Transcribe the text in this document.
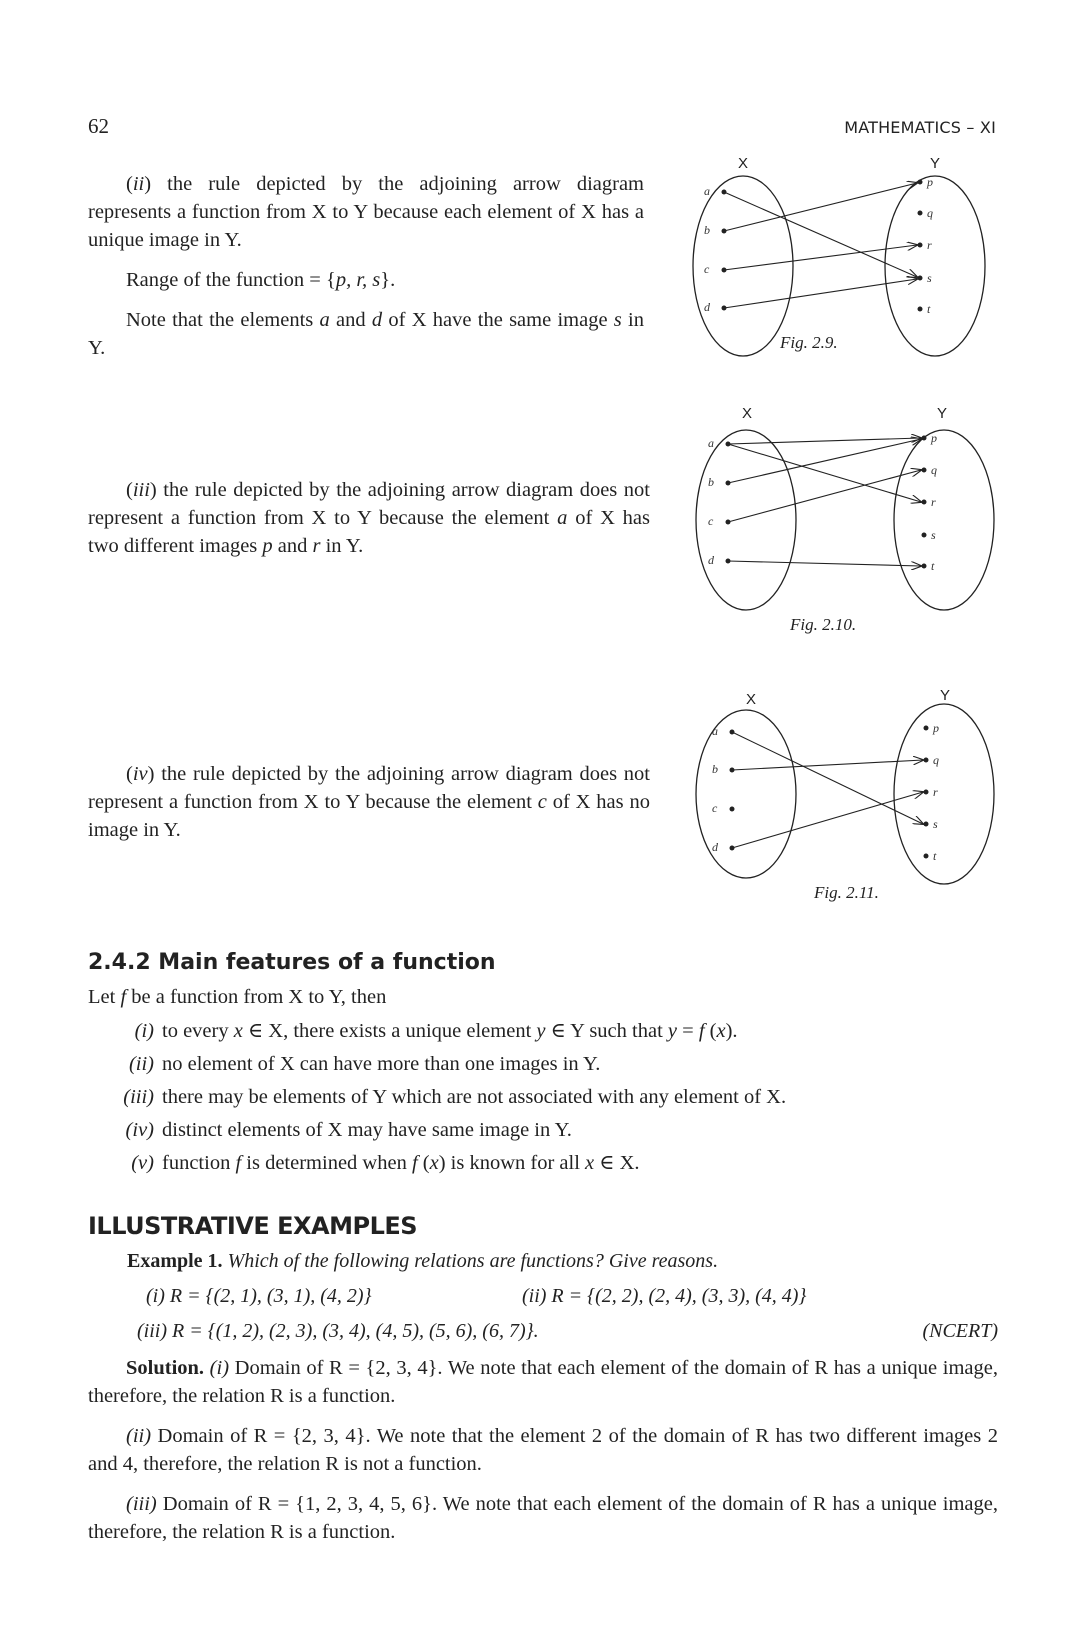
62	MATHEMATICS – XI

(ii) the rule depicted by the adjoining arrow diagram represents a function from X to Y because each element of X has a unique image in Y.

Range of the function = {p, r, s}.

Note that the elements a and d of X have the same image s in Y.

(iii) the rule depicted by the adjoining arrow diagram does not represent a function from X to Y because the element a of X has two different images p and r in Y.

(iv) the rule depicted by the adjoining arrow diagram does not represent a function from X to Y because the element c of X has no image in Y.

X	Y
a
b
c
d
p
q
r
s
t
Fig. 2.9.
X	Y
a
b
c
d
p
q
r
s
t
Fig. 2.10.
X	Y
a
b
c
d
p
q
r
s
t
Fig. 2.11.
2.4.2 Main features of a function
Let f be a function from X to Y, then
(i) to every x ∈ X, there exists a unique element y ∈ Y such that y = f (x).
(ii) no element of X can have more than one images in Y.
(iii) there may be elements of Y which are not associated with any element of X.
(iv) distinct elements of X may have same image in Y.
(v) function f is determined when f (x) is known for all x ∈ X.
ILLUSTRATIVE EXAMPLES
Example 1. Which of the following relations are functions? Give reasons.
(i) R = {(2, 1), (3, 1), (4, 2)}	(ii) R = {(2, 2), (2, 4), (3, 3), (4, 4)}
(iii) R = {(1, 2), (2, 3), (3, 4), (4, 5), (5, 6), (6, 7)}.	(NCERT)

Solution. (i) Domain of R = {2, 3, 4}. We note that each element of the domain of R has a unique image, therefore, the relation R is a function.

(ii) Domain of R = {2, 3, 4}. We note that the element 2 of the domain of R has two different images 2 and 4, therefore, the relation R is not a function.

(iii) Domain of R = {1, 2, 3, 4, 5, 6}. We note that each element of the domain of R has a unique image, therefore, the relation R is a function.
